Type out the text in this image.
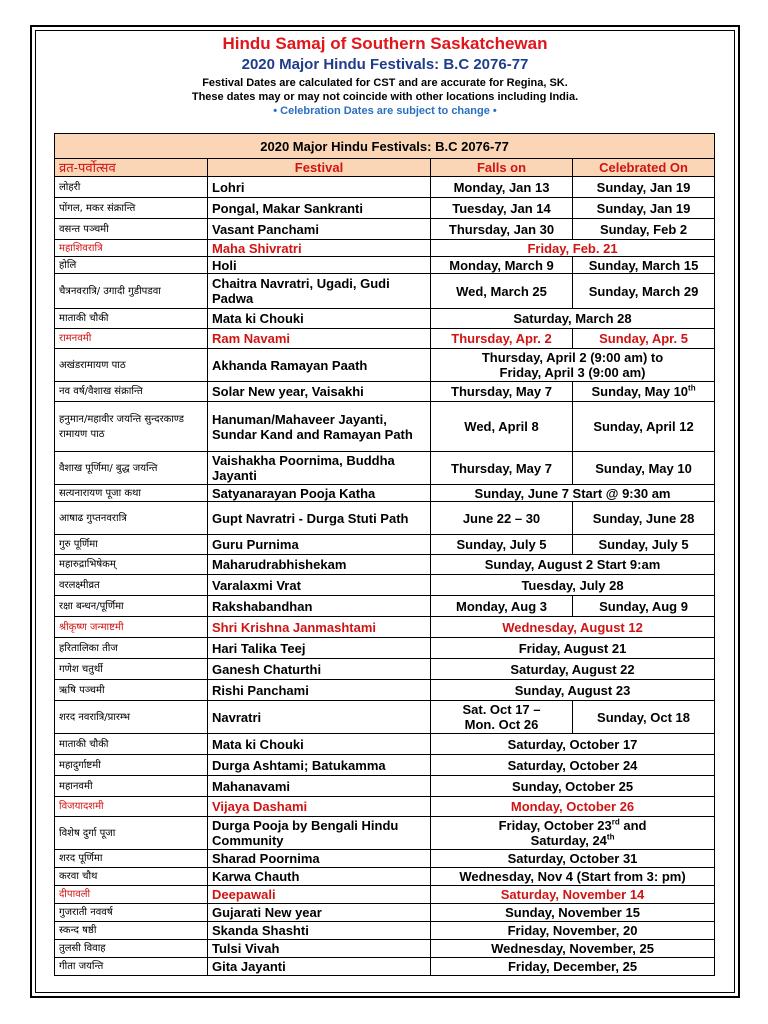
Hindu Samaj of Southern Saskatchewan
2020 Major Hindu Festivals: B.C 2076-77
Festival Dates are calculated for CST and are accurate for Regina, SK.
These dates may or may not coincide with other locations including India.
• Celebration Dates are subject to change •
2020 Major Hindu Festivals: B.C 2076-77			
व्रत-पर्वोत्सव	Festival	Falls on	Celebrated On
लोहरी	Lohri	Monday, Jan 13	Sunday, Jan 19
पोंगल, मकर संक्रान्ति	Pongal, Makar Sankranti	Tuesday, Jan 14	Sunday, Jan 19
वसन्त पञ्चमी	Vasant Panchami	Thursday, Jan 30	Sunday, Feb 2
महाशिवरात्रि	Maha Shivratri	Friday, Feb. 21	
होलि	Holi	Monday, March 9	Sunday, March 15
चैत्रनवरात्रि/ उगादी गुडीपडवा	Chaitra Navratri, Ugadi, Gudi Padwa	Wed, March 25	Sunday, March 29
माताकी चौकी	Mata ki Chouki	Saturday, March 28	
रामनवमी	Ram Navami	Thursday, Apr. 2	Sunday, Apr. 5
अखंडरामायण पाठ	Akhanda Ramayan Paath	Thursday, April 2 (9:00 am) to
Friday, April 3 (9:00 am)	
नव वर्ष/वैशाख संक्रान्ति	Solar New year, Vaisakhi	Thursday, May 7	Sunday, May 10th
हनुमान/महावीर जयन्ति सुन्दरकाण्ड रामायण पाठ	Hanuman/Mahaveer Jayanti, Sundar Kand and Ramayan Path	Wed, April 8	Sunday, April 12
वैशाख पूर्णिमा/ बुद्ध जयन्ति	Vaishakha Poornima, Buddha Jayanti	Thursday, May 7	Sunday, May 10
सत्यनारायण पूजा कथा	Satyanarayan Pooja Katha	Sunday, June 7 Start @ 9:30 am	
आषाढ गुप्तनवरात्रि	Gupt Navratri - Durga Stuti Path	June 22 – 30	Sunday, June 28
गुरु पूर्णिमा	Guru Purnima	Sunday, July 5	Sunday, July 5
महारुद्राभिषेकम्	Maharudrabhishekam	Sunday, August 2 Start 9:am	
वरलक्ष्मीव्रत	Varalaxmi Vrat	Tuesday, July 28	
रक्षा बन्धन/पूर्णिमा	Rakshabandhan	Monday, Aug 3	Sunday, Aug 9
श्रीकृष्ण जन्माष्टमी	Shri Krishna Janmashtami	Wednesday, August 12	
हरितालिका तीज	Hari Talika Teej	Friday, August 21	
गणेश चतुर्थी	Ganesh Chaturthi	Saturday, August 22	
ऋषि पञ्चमी	Rishi Panchami	Sunday, August 23	
शरद नवरात्रि/प्रारम्भ	Navratri	Sat. Oct 17 –
Mon. Oct 26	Sunday, Oct 18
माताकी चौकी	Mata ki Chouki	Saturday, October 17	
महादुर्गाष्टमी	Durga Ashtami; Batukamma	Saturday, October 24	
महानवमी	Mahanavami	Sunday, October 25	
विजयादशमी	Vijaya Dashami	Monday, October 26	
विशेष दुर्गा पूजा	Durga Pooja by Bengali Hindu Community	Friday, October 23rd and
Saturday, 24th
शरद पूर्णिमा	Sharad Poornima	Saturday, October 31	
करवा चौथ	Karwa Chauth	Wednesday, Nov 4 (Start from 3: pm)	
दीपावली	Deepawali	Saturday, November 14	
गुजराती नववर्ष	Gujarati New year	Sunday, November 15	
स्कन्द षष्ठी	Skanda Shashti	Friday, November, 20	
तुलसी विवाह	Tulsi Vivah	Wednesday, November, 25	
गीता जयन्ति	Gita Jayanti	Friday, December, 25	
